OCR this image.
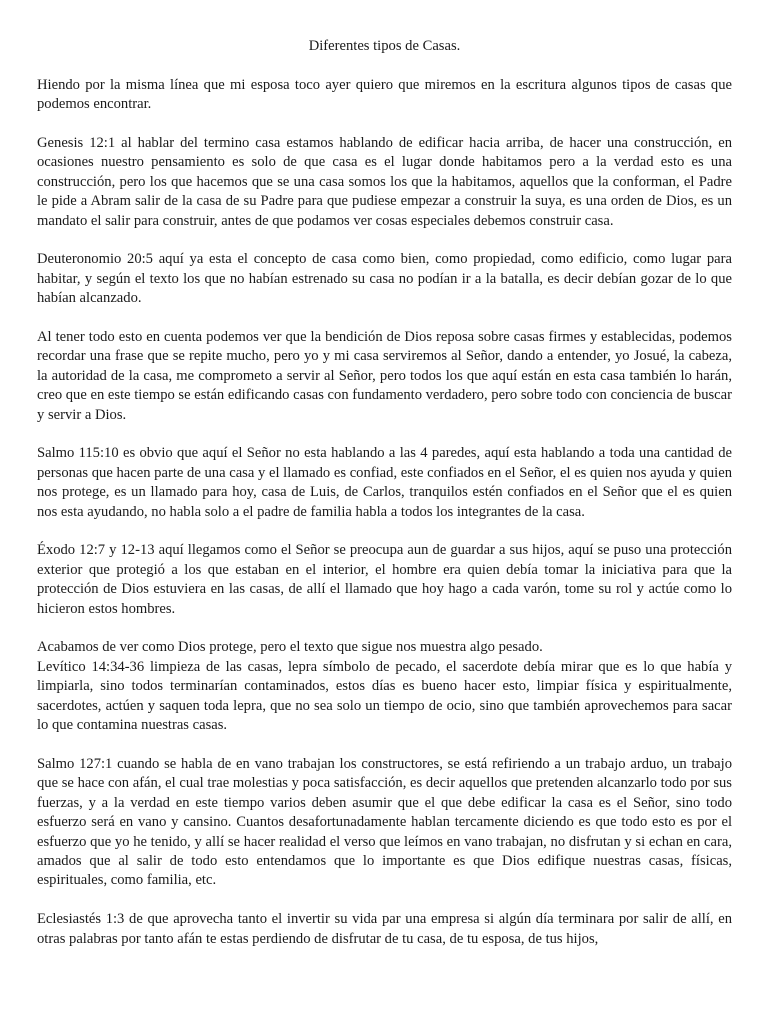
Diferentes tipos de Casas.

Hiendo por la misma línea que mi esposa toco ayer quiero que miremos en la escritura algunos tipos de casas que podemos encontrar.

Genesis 12:1 al hablar del termino casa estamos hablando de edificar hacia arriba, de hacer una construcción, en ocasiones nuestro pensamiento es solo de que casa es el lugar donde habitamos pero a la verdad esto es una construcción, pero los que hacemos que se una casa somos los que la habitamos, aquellos que la conforman, el Padre le pide a Abram salir de la casa de su Padre para que pudiese empezar a construir la suya, es una orden de Dios, es un mandato el salir para construir, antes de que podamos ver cosas especiales debemos construir casa.

Deuteronomio 20:5 aquí ya esta el concepto de casa como bien, como propiedad, como edificio, como lugar para habitar, y según el texto los que no habían estrenado su casa no podían ir a la batalla, es decir debían gozar de lo que habían alcanzado.

Al tener todo esto en cuenta podemos ver que la bendición de Dios reposa sobre casas firmes y establecidas, podemos recordar una frase que se repite mucho, pero yo y mi casa serviremos al Señor, dando a entender, yo Josué, la cabeza, la autoridad de la casa, me comprometo a servir al Señor, pero todos los que aquí están en esta casa también lo harán, creo que en este tiempo se están edificando casas con fundamento verdadero, pero sobre todo con conciencia de buscar y servir a Dios.

Salmo 115:10 es obvio que aquí el Señor no esta hablando a las 4 paredes, aquí esta hablando a toda una cantidad de personas que hacen parte de una casa y el llamado es confiad, este confiados en el Señor, el es quien nos ayuda y quien nos protege, es un llamado para hoy, casa de Luis, de Carlos, tranquilos estén confiados en el Señor que el es quien nos esta ayudando, no habla solo a el padre de familia habla a todos los integrantes de la casa.

Éxodo 12:7 y 12-13 aquí llegamos como el Señor se preocupa aun de guardar a sus hijos, aquí se puso una protección exterior que protegió a los que estaban en el interior, el hombre era quien debía tomar la iniciativa para que la protección de Dios estuviera en las casas, de allí el llamado que hoy hago a cada varón, tome su rol y actúe como lo hicieron estos hombres.

Acabamos de ver como Dios protege, pero el texto que sigue nos muestra algo pesado.

Levítico 14:34-36 limpieza de las casas, lepra símbolo de pecado, el sacerdote debía mirar que es lo que había y limpiarla, sino todos terminarían contaminados, estos días es bueno hacer esto, limpiar física y espiritualmente, sacerdotes, actúen y saquen toda lepra, que no sea solo un tiempo de ocio, sino que también aprovechemos para sacar lo que contamina nuestras casas.

Salmo 127:1 cuando se habla de en vano trabajan los constructores, se está refiriendo a un trabajo arduo, un trabajo que se hace con afán, el cual trae molestias y poca satisfacción, es decir aquellos que pretenden alcanzarlo todo por sus fuerzas, y a la verdad en este tiempo varios deben asumir que el que debe edificar la casa es el Señor, sino todo esfuerzo será en vano y cansino. Cuantos desafortunadamente hablan tercamente diciendo es que todo esto es por el esfuerzo que yo he tenido, y allí se hacer realidad el verso que leímos en vano trabajan, no disfrutan y si echan en cara, amados que al salir de todo esto entendamos que lo importante es que Dios edifique nuestras casas, físicas, espirituales, como familia, etc.

Eclesiastés 1:3 de que aprovecha tanto el invertir su vida par una empresa si algún día terminara por salir de allí, en otras palabras por tanto afán te estas perdiendo de disfrutar de tu casa, de tu esposa, de tus hijos,
